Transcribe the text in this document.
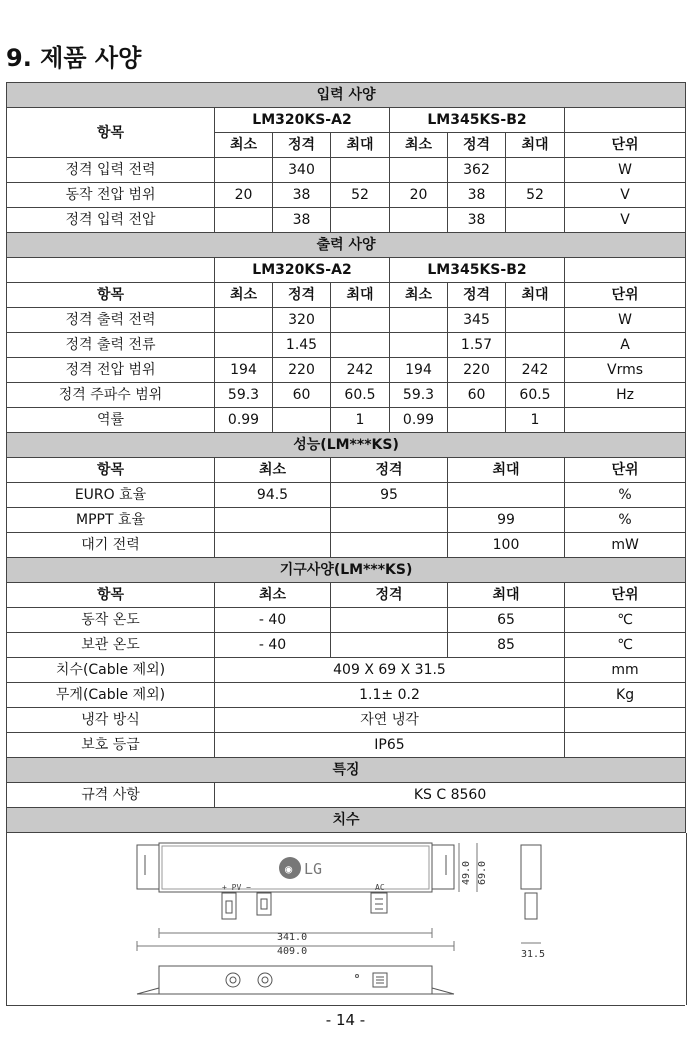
9. 제품 사양
입력 사양							
항목	LM320KS-A2			LM345KS-B2			
	최소	정격	최대	최소	정격	최대	단위
정격 입력 전력		340			362		W
동작 전압 범위	20	38	52	20	38	52	V
정격 입력 전압		38			38		V
출력 사양							
	LM320KS-A2			LM345KS-B2			
항목	최소	정격	최대	최소	정격	최대	단위
정격 출력 전력		320			345		W
정격 출력 전류		1.45			1.57		A
정격 전압 범위	194	220	242	194	220	242	Vrms
정격 주파수 범위	59.3	60	60.5	59.3	60	60.5	Hz
역률	0.99		1	0.99		1	
성능(LM***KS)							
항목	최소		정격		최대		단위
EURO 효율	94.5		95				%
MPPT 효율					99		%
대기 전력					100		mW
기구사양(LM***KS)							
항목	최소		정격		최대		단위
동작 온도	- 40				65		℃
보관 온도	- 40				85		℃
치수(Cable 제외)	409 X 69 X 31.5						mm
무게(Cable 제외)	1.1± 0.2						Kg
냉각 방식	자연 냉각						
보호 등급	IP65						
특징							
규격 사항	KS C 8560						
치수							
◉ LG
+ PV −	AC
341.0
409.0
49.0 69.0
31.5
- 14 -
